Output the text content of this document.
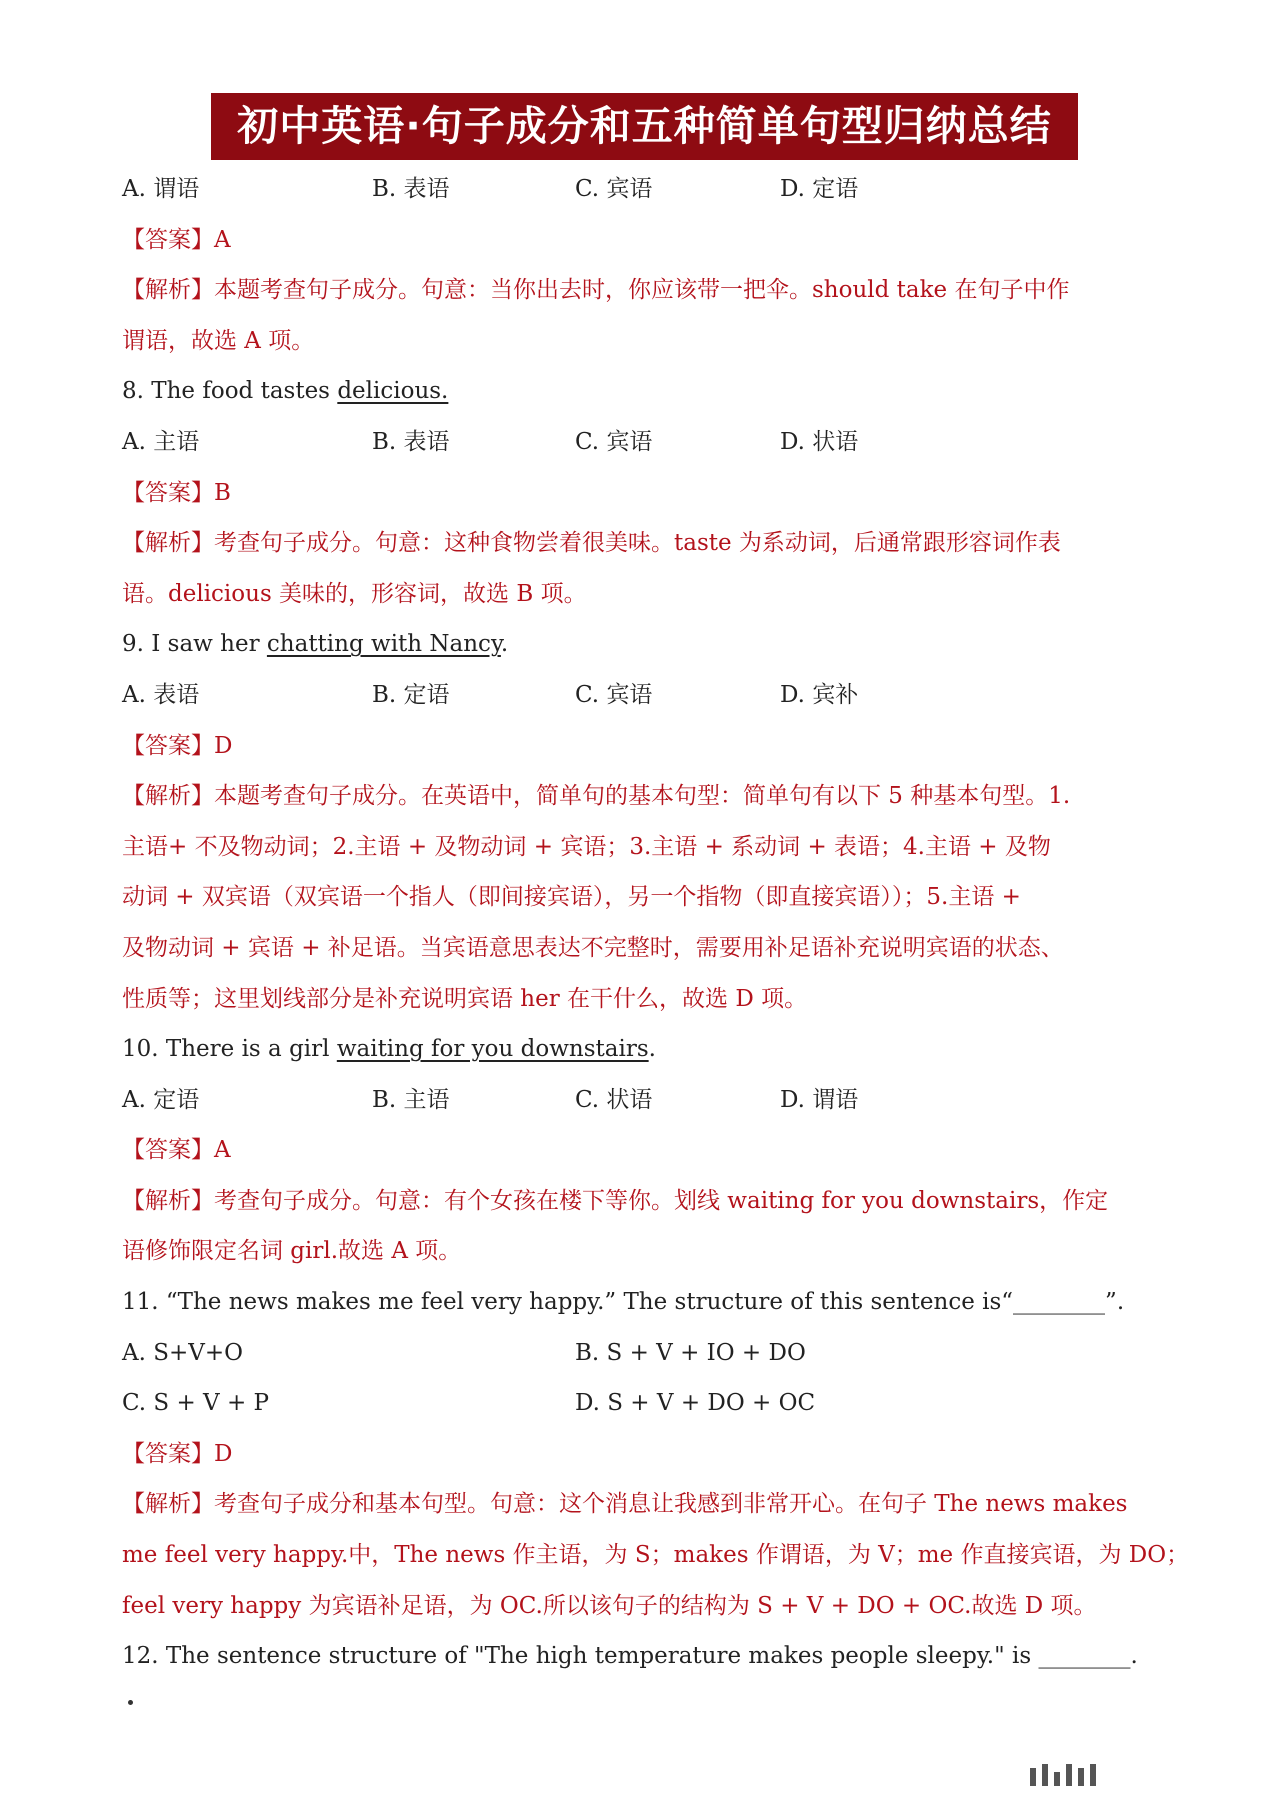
初中英语·句子成分和五种简单句型归纳总结
A. 谓语	B. 表语	C. 宾语	D. 定语
【答案】A
【解析】本题考查句子成分。句意：当你出去时，你应该带一把伞。should take 在句子中作
谓语，故选 A 项。
8. The food tastes delicious.
A. 主语	B. 表语	C. 宾语	D. 状语
【答案】B
【解析】考查句子成分。句意：这种食物尝着很美味。taste 为系动词，后通常跟形容词作表
语。delicious 美味的，形容词，故选 B 项。
9. I saw her chatting with Nancy.
A. 表语	B. 定语	C. 宾语	D. 宾补
【答案】D
【解析】本题考查句子成分。在英语中，简单句的基本句型：简单句有以下 5 种基本句型。1.
主语+ 不及物动词；2.主语 + 及物动词 + 宾语；3.主语 + 系动词 + 表语；4.主语 + 及物
动词 + 双宾语（双宾语一个指人（即间接宾语），另一个指物（即直接宾语））；5.主语 +
及物动词 + 宾语 + 补足语。当宾语意思表达不完整时，需要用补足语补充说明宾语的状态、
性质等；这里划线部分是补充说明宾语 her 在干什么，故选 D 项。
10. There is a girl waiting for you downstairs.
A. 定语	B. 主语	C. 状语	D. 谓语
【答案】A
【解析】考查句子成分。句意：有个女孩在楼下等你。划线 waiting for you downstairs，作定
语修饰限定名词 girl.故选 A 项。
11. “The news makes me feel very happy.” The structure of this sentence is“________”.
A. S+V+O	B. S + V + IO + DO
C. S + V + P	D. S + V + DO + OC
【答案】D
【解析】考查句子成分和基本句型。句意：这个消息让我感到非常开心。在句子 The news makes
me feel very happy.中，The news 作主语，为 S；makes 作谓语，为 V；me 作直接宾语，为 DO；
feel very happy 为宾语补足语，为 OC.所以该句子的结构为 S + V + DO + OC.故选 D 项。
12. The sentence structure of "The high temperature makes people sleepy." is ________.
